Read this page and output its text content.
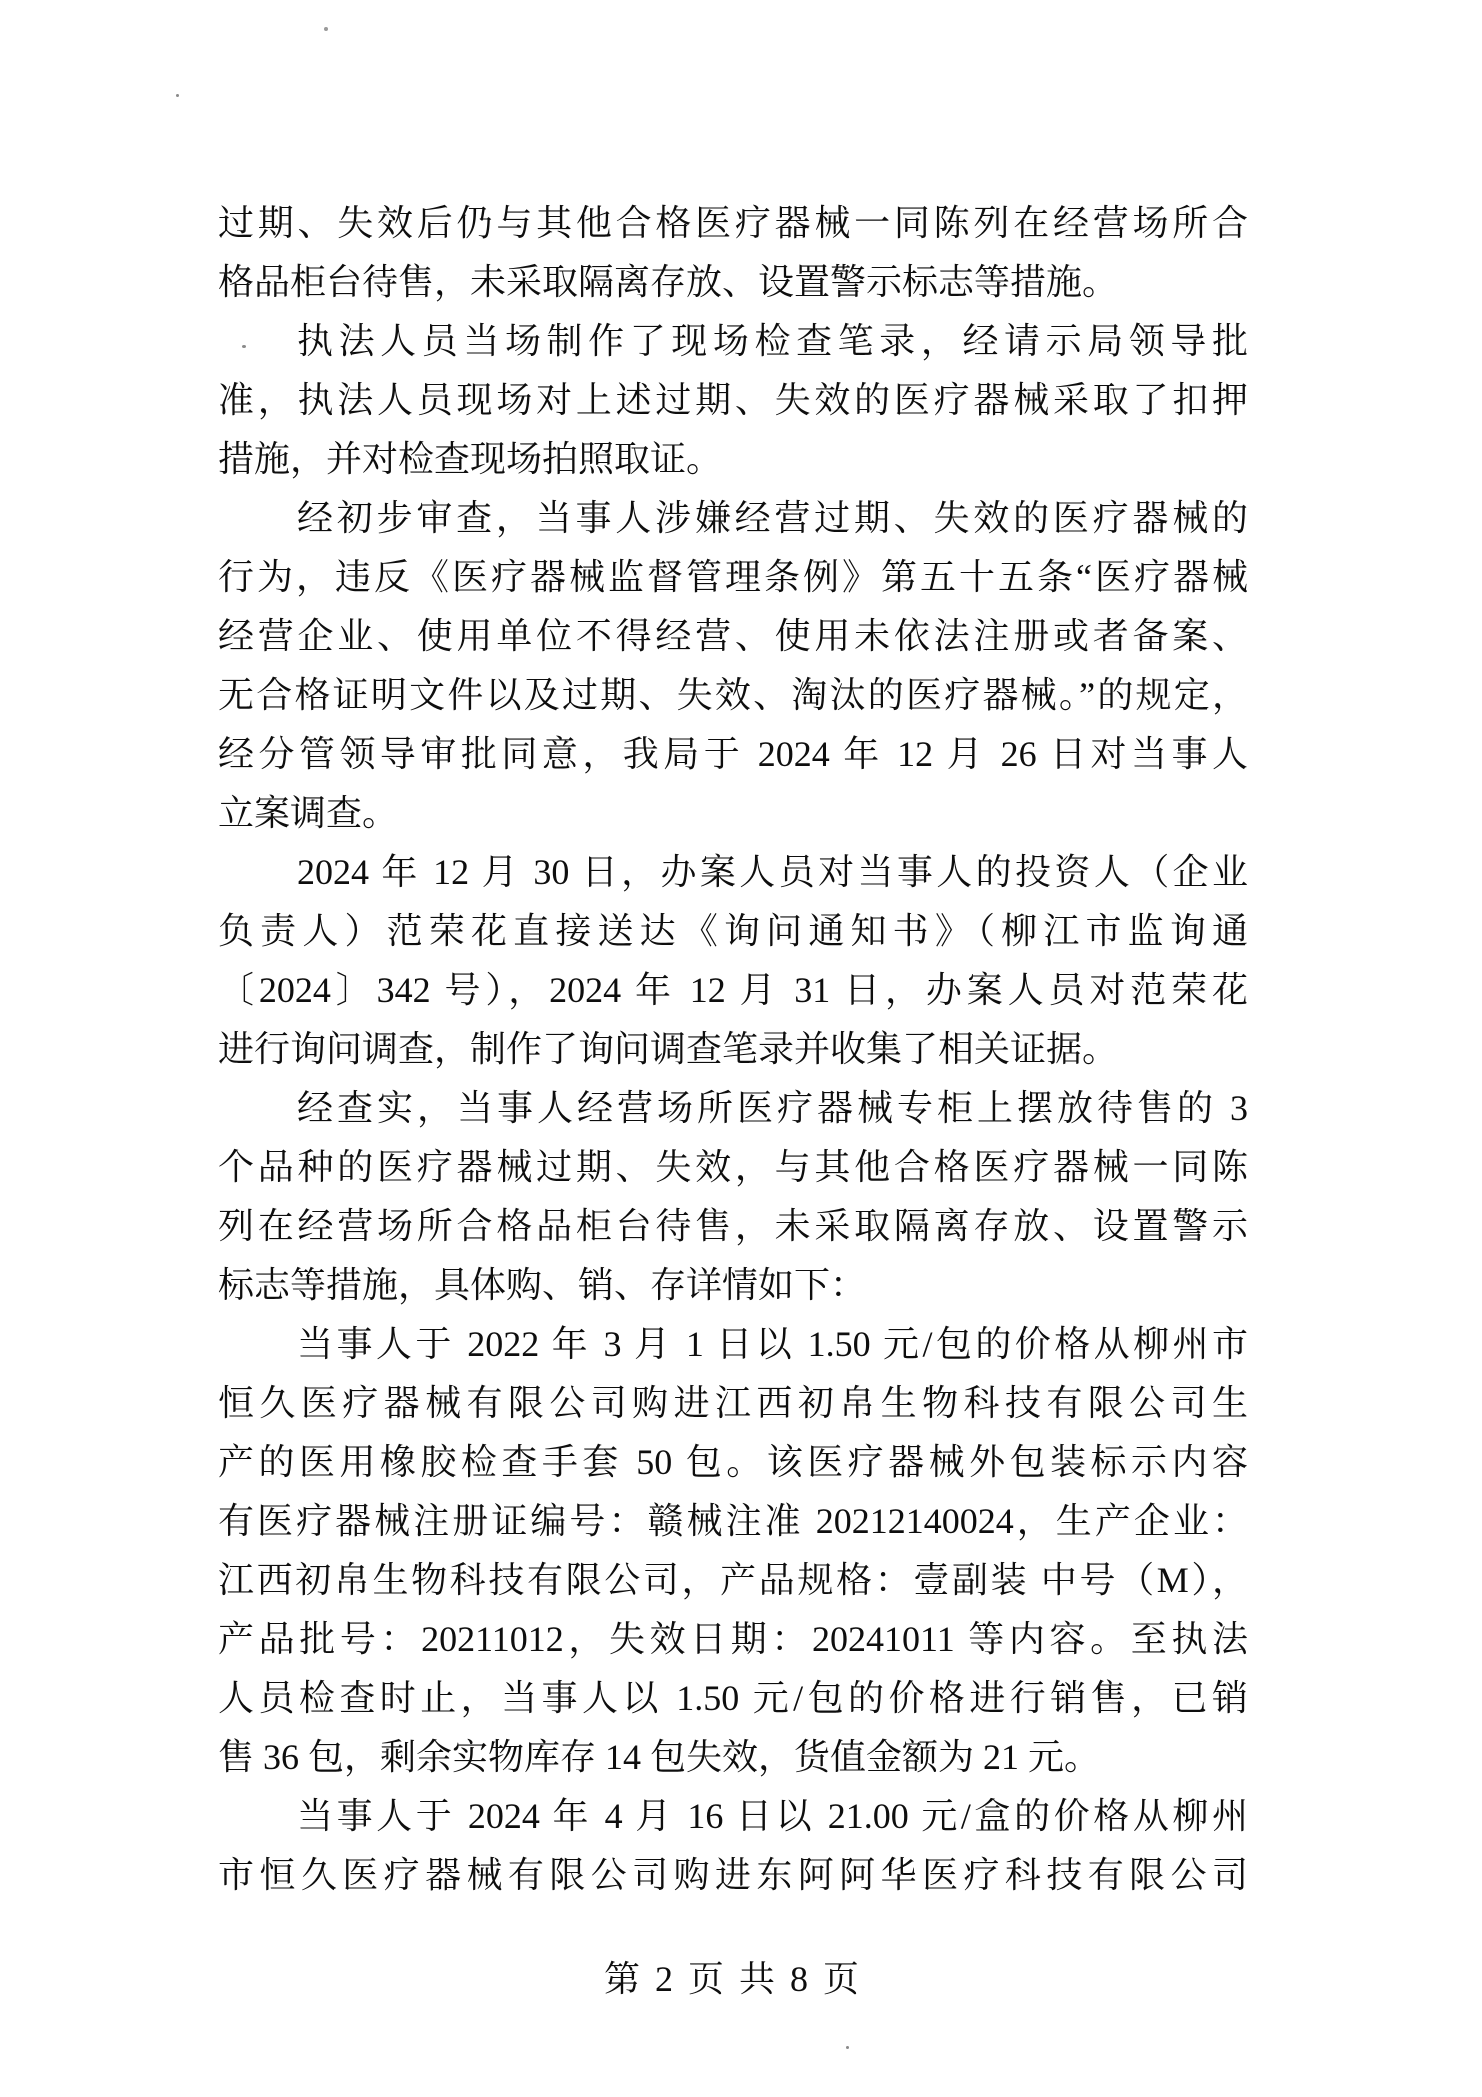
过期、失效后仍与其他合格医疗器械一同陈列在经营场所合
格品柜台待售，未采取隔离存放、设置警示标志等措施。
执法人员当场制作了现场检查笔录，经请示局领导批
准，执法人员现场对上述过期、失效的医疗器械采取了扣押
措施，并对检查现场拍照取证。
经初步审查，当事人涉嫌经营过期、失效的医疗器械的
行为，违反《医疗器械监督管理条例》第五十五条“医疗器械
经营企业、使用单位不得经营、使用未依法注册或者备案、
无合格证明文件以及过期、失效、淘汰的医疗器械。”的规定，
经分管领导审批同意，我局于 2024 年 12 月 26 日对当事人
立案调查。
2024 年 12 月 30 日，办案人员对当事人的投资人（企业
负责人）范荣花直接送达《询问通知书》（柳江市监询通
〔2024〕342 号），2024 年 12 月 31 日，办案人员对范荣花
进行询问调查，制作了询问调查笔录并收集了相关证据。
经查实，当事人经营场所医疗器械专柜上摆放待售的 3
个品种的医疗器械过期、失效，与其他合格医疗器械一同陈
列在经营场所合格品柜台待售，未采取隔离存放、设置警示
标志等措施，具体购、销、存详情如下：
当事人于 2022 年 3 月 1 日以 1.50 元/包的价格从柳州市
恒久医疗器械有限公司购进江西初帛生物科技有限公司生
产的医用橡胶检查手套 50 包。该医疗器械外包装标示内容
有医疗器械注册证编号：赣械注准 20212140024，生产企业：
江西初帛生物科技有限公司，产品规格：壹副装 中号（M），
产品批号：20211012，失效日期：20241011 等内容。至执法
人员检查时止，当事人以 1.50 元/包的价格进行销售，已销
售 36 包，剩余实物库存 14 包失效，货值金额为 21 元。
当事人于 2024 年 4 月 16 日以 21.00 元/盒的价格从柳州
市恒久医疗器械有限公司购进东阿阿华医疗科技有限公司
第 2 页 共 8 页
